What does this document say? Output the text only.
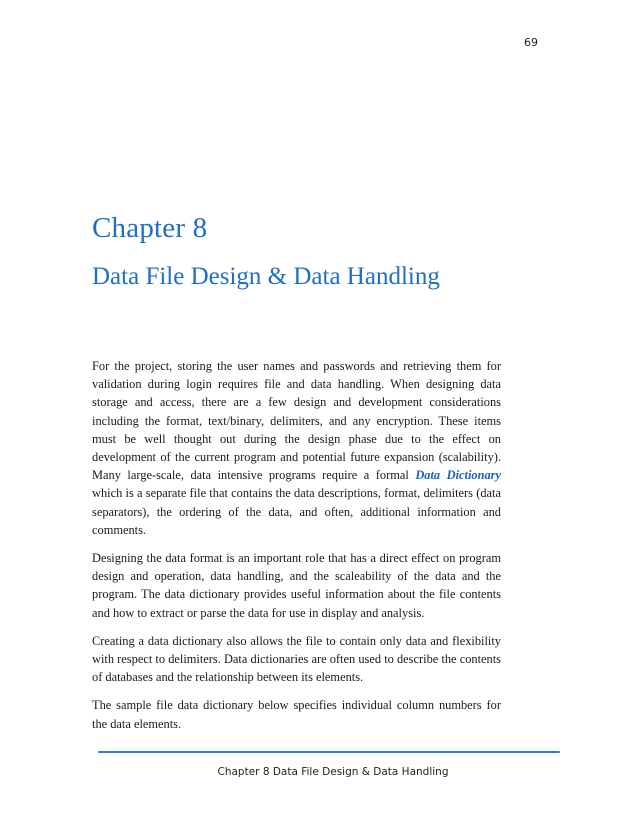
69
Chapter 8
Data File Design & Data Handling

For the project, storing the user names and passwords and retrieving them for validation during login requires file and data handling. When designing data storage and access, there are a few design and development considerations including the format, text/binary, delimiters, and any encryption. These items must be well thought out during the design phase due to the effect on development of the current program and potential future expansion (scalability). Many large-scale, data intensive programs require a formal Data Dictionary which is a separate file that contains the data descriptions, format, delimiters (data separators), the ordering of the data, and often, additional information and comments.

Designing the data format is an important role that has a direct effect on program design and operation, data handling, and the scaleability of the data and the program. The data dictionary provides useful information about the file contents and how to extract or parse the data for use in display and analysis.

Creating a data dictionary also allows the file to contain only data and flexibility with respect to delimiters. Data dictionaries are often used to describe the contents of databases and the relationship between its elements.

The sample file data dictionary below specifies individual column numbers for the data elements.

Chapter 8 Data File Design & Data Handling
